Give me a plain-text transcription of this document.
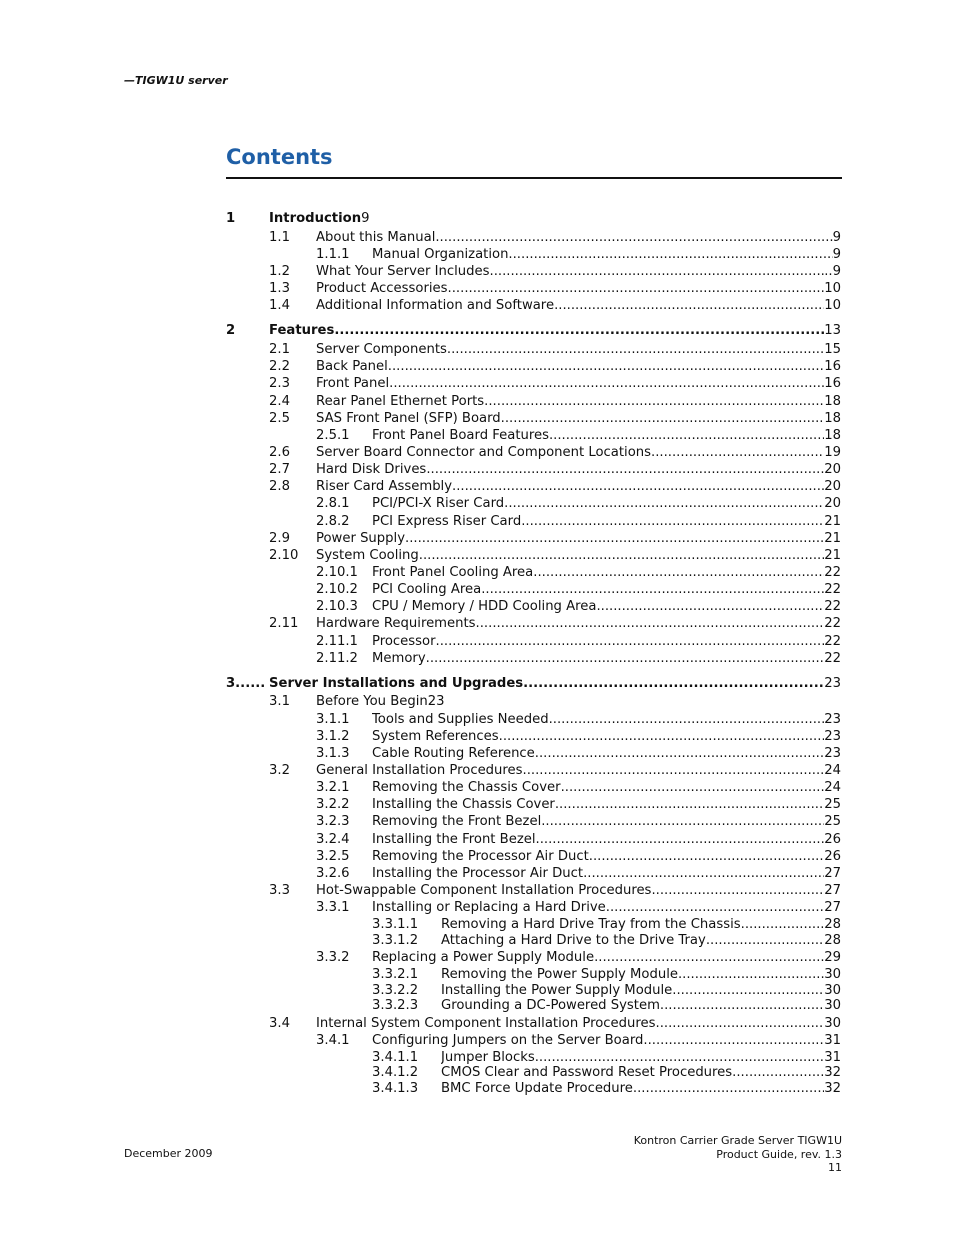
—TIGW1U server
Contents
1	Introduction 9
1.1 About this Manual .....	9
1.1.1 Manual Organization .....	9
1.2 What Your Server Includes .....	..9
1.3 Product Accessories .....	10
1.4 Additional Information and Software .....	10
2	Features .....	13
2.1 Server Components .....	15
2.2 Back Panel .....	16
2.3 Front Panel .....	16
2.4 Rear Panel Ethernet Ports .....	18
2.5 SAS Front Panel (SFP) Board .....	18
2.5.1 Front Panel Board Features .....	18
2.6 Server Board Connector and Component Locations .....	19
2.7 Hard Disk Drives .....	20
2.8 Riser Card Assembly .....	20
2.8.1 PCI/PCI-X Riser Card .....	20
2.8.2 PCI Express Riser Card .....	21
2.9 Power Supply .....	21
2.10 System Cooling .....	21
2.10.1 Front Panel Cooling Area .....	22
2.10.2 PCI Cooling Area .....	22
2.10.3 CPU / Memory / HDD Cooling Area .....	22
2.11 Hardware Requirements .....	22
2.11.1 Processor .....	22
2.11.2 Memory .....	22
3...... Server Installations and Upgrades .....	23
3.1 Before You Begin 23
3.1.1 Tools and Supplies Needed .....	23
3.1.2 System References .....	23
3.1.3 Cable Routing Reference .....	23
3.2 General Installation Procedures .....	24
3.2.1 Removing the Chassis Cover .....	24
3.2.2 Installing the Chassis Cover .....	25
3.2.3 Removing the Front Bezel .....	25
3.2.4 Installing the Front Bezel .....	26
3.2.5 Removing the Processor Air Duct .....	26
3.2.6 Installing the Processor Air Duct .....	27
3.3 Hot-Swappable Component Installation Procedures .....	27
3.3.1 Installing or Replacing a Hard Drive .....	27
3.3.1.1 Removing a Hard Drive Tray from the Chassis .....	28
3.3.1.2 Attaching a Hard Drive to the Drive Tray .....	28
3.3.2 Replacing a Power Supply Module .....	29
3.3.2.1 Removing the Power Supply Module .....	30
3.3.2.2 Installing the Power Supply Module .....	30
3.3.2.3 Grounding a DC-Powered System .....	30
3.4 Internal System Component Installation Procedures .....	30
3.4.1 Configuring Jumpers on the Server Board .....	31
3.4.1.1 Jumper Blocks .....	31
3.4.1.2 CMOS Clear and Password Reset Procedures .....	32
3.4.1.3 BMC Force Update Procedure .....	32
December 2009
Kontron Carrier Grade Server TIGW1U
Product Guide, rev. 1.3
11
